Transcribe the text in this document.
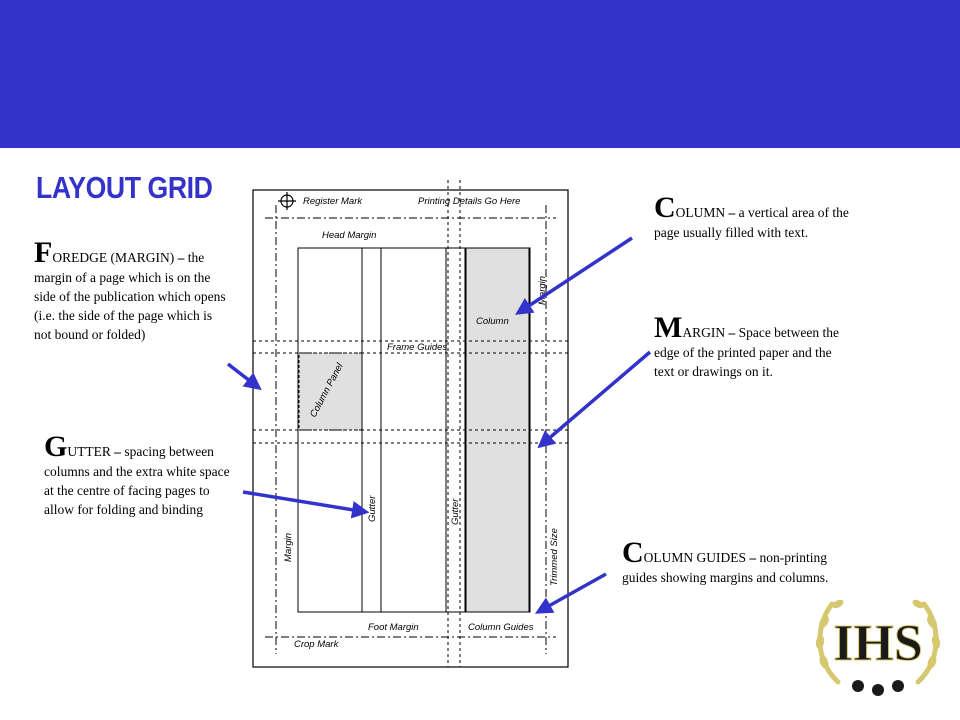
LAYOUT GRID
FOREDGE (MARGIN) – the margin of a page which is on the side of the publication which opens (i.e. the side of the page which is not bound or folded)
GUTTER – spacing between columns and the extra white space at the centre of facing pages to allow for folding and binding
COLUMN – a vertical area of the page usually filled with text.
MARGIN – Space between the edge of the printed paper and the text or drawings on it.
COLUMN GUIDES – non-printing guides showing margins and columns.
Register Mark	Printing Details Go Here
Head Margin
Column
Margin
Frame Guides
Column Panel
Gutter	Gutter
Margin	Trimmed Size
Foot Margin	Column Guides
Crop Mark	IHS
